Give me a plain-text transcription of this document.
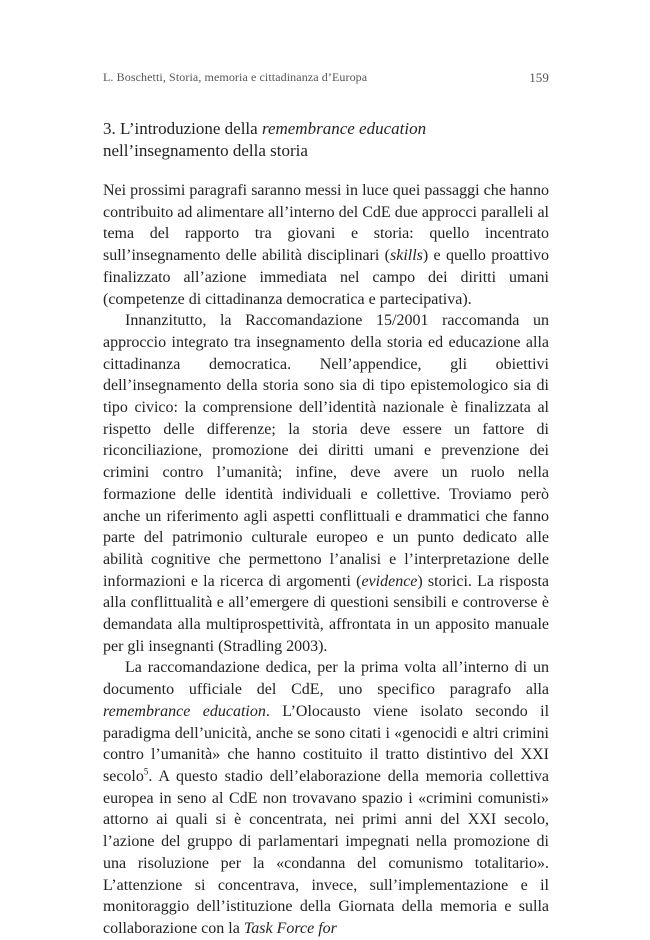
L. Boschetti, Storia, memoria e cittadinanza d’Europa	159
3. L’introduzione della remembrance education nell’insegnamento della storia

Nei prossimi paragrafi saranno messi in luce quei passaggi che hanno contribuito ad alimentare all’interno del CdE due approcci paralleli al tema del rapporto tra giovani e storia: quello incentrato sull’insegnamento delle abilità disciplinari (skills) e quello proattivo finalizzato all’azione immediata nel campo dei diritti umani (competenze di cittadinanza democratica e partecipativa).

Innanzitutto, la Raccomandazione 15/2001 raccomanda un approccio integrato tra insegnamento della storia ed educazione alla cittadinanza democratica. Nell’appendice, gli obiettivi dell’insegnamento della storia sono sia di tipo epistemologico sia di tipo civico: la comprensione dell’identità nazionale è finalizzata al rispetto delle differenze; la storia deve essere un fattore di riconciliazione, promozione dei diritti umani e prevenzione dei crimini contro l’umanità; infine, deve avere un ruolo nella formazione delle identità individuali e collettive. Troviamo però anche un riferimento agli aspetti conflittuali e drammatici che fanno parte del patrimonio culturale europeo e un punto dedicato alle abilità cognitive che permettono l’analisi e l’interpretazione delle informazioni e la ricerca di argomenti (evidence) storici. La risposta alla conflittualità e all’emergere di questioni sensibili e controverse è demandata alla multiprospettività, affrontata in un apposito manuale per gli insegnanti (Stradling 2003).

La raccomandazione dedica, per la prima volta all’interno di un documento ufficiale del CdE, uno specifico paragrafo alla remembrance education. L’Olocausto viene isolato secondo il paradigma dell’unicità, anche se sono citati i «genocidi e altri crimini contro l’umanità» che hanno costituito il tratto distintivo del XXI secolo$^5$. A questo stadio dell’elaborazione della memoria collettiva europea in seno al CdE non trovavano spazio i «crimini comunisti» attorno ai quali si è concentrata, nei primi anni del XXI secolo, l’azione del gruppo di parlamentari impegnati nella promozione di una risoluzione per la «condanna del comunismo totalitario». L’attenzione si concentrava, invece, sull’implementazione e il monitoraggio dell’istituzione della Giornata della memoria e sulla collaborazione con la Task Force for
